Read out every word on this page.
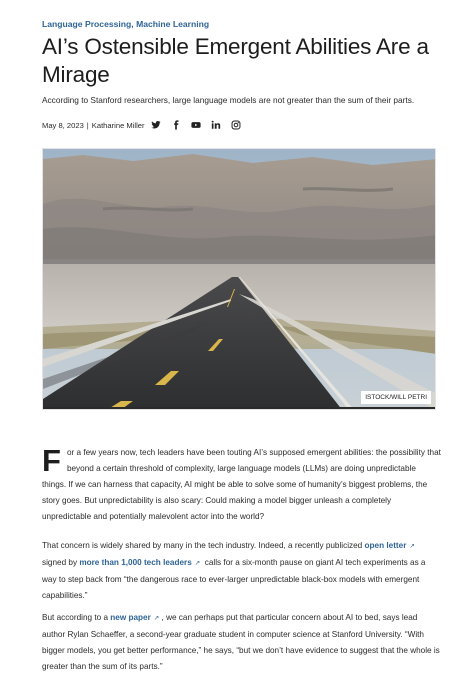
Language Processing, Machine Learning
AI’s Ostensible Emergent Abilities Are a Mirage
According to Stanford researchers, large language models are not greater than the sum of their parts.
May 8, 2023 | Katharine Miller
ISTOCK/WILL PETRI

For a few years now, tech leaders have been touting AI’s supposed emergent abilities: the possibility that beyond a certain threshold of complexity, large language models (LLMs) are doing unpredictable things. If we can harness that capacity, AI might be able to solve some of humanity’s biggest problems, the story goes. But unpredictability is also scary: Could making a model bigger unleash a completely unpredictable and potentially malevolent actor into the world?

That concern is widely shared by many in the tech industry. Indeed, a recently publicized open letter ↗
signed by more than 1,000 tech leaders ↗ calls for a six-month pause on giant AI tech experiments as a way to step back from “the dangerous race to ever-larger unpredictable black-box models with emergent capabilities.”

But according to a new paper ↗ , we can perhaps put that particular concern about AI to bed, says lead author Rylan Schaeffer, a second-year graduate student in computer science at Stanford University. “With bigger models, you get better performance,” he says, “but we don’t have evidence to suggest that the whole is greater than the sum of its parts.”
